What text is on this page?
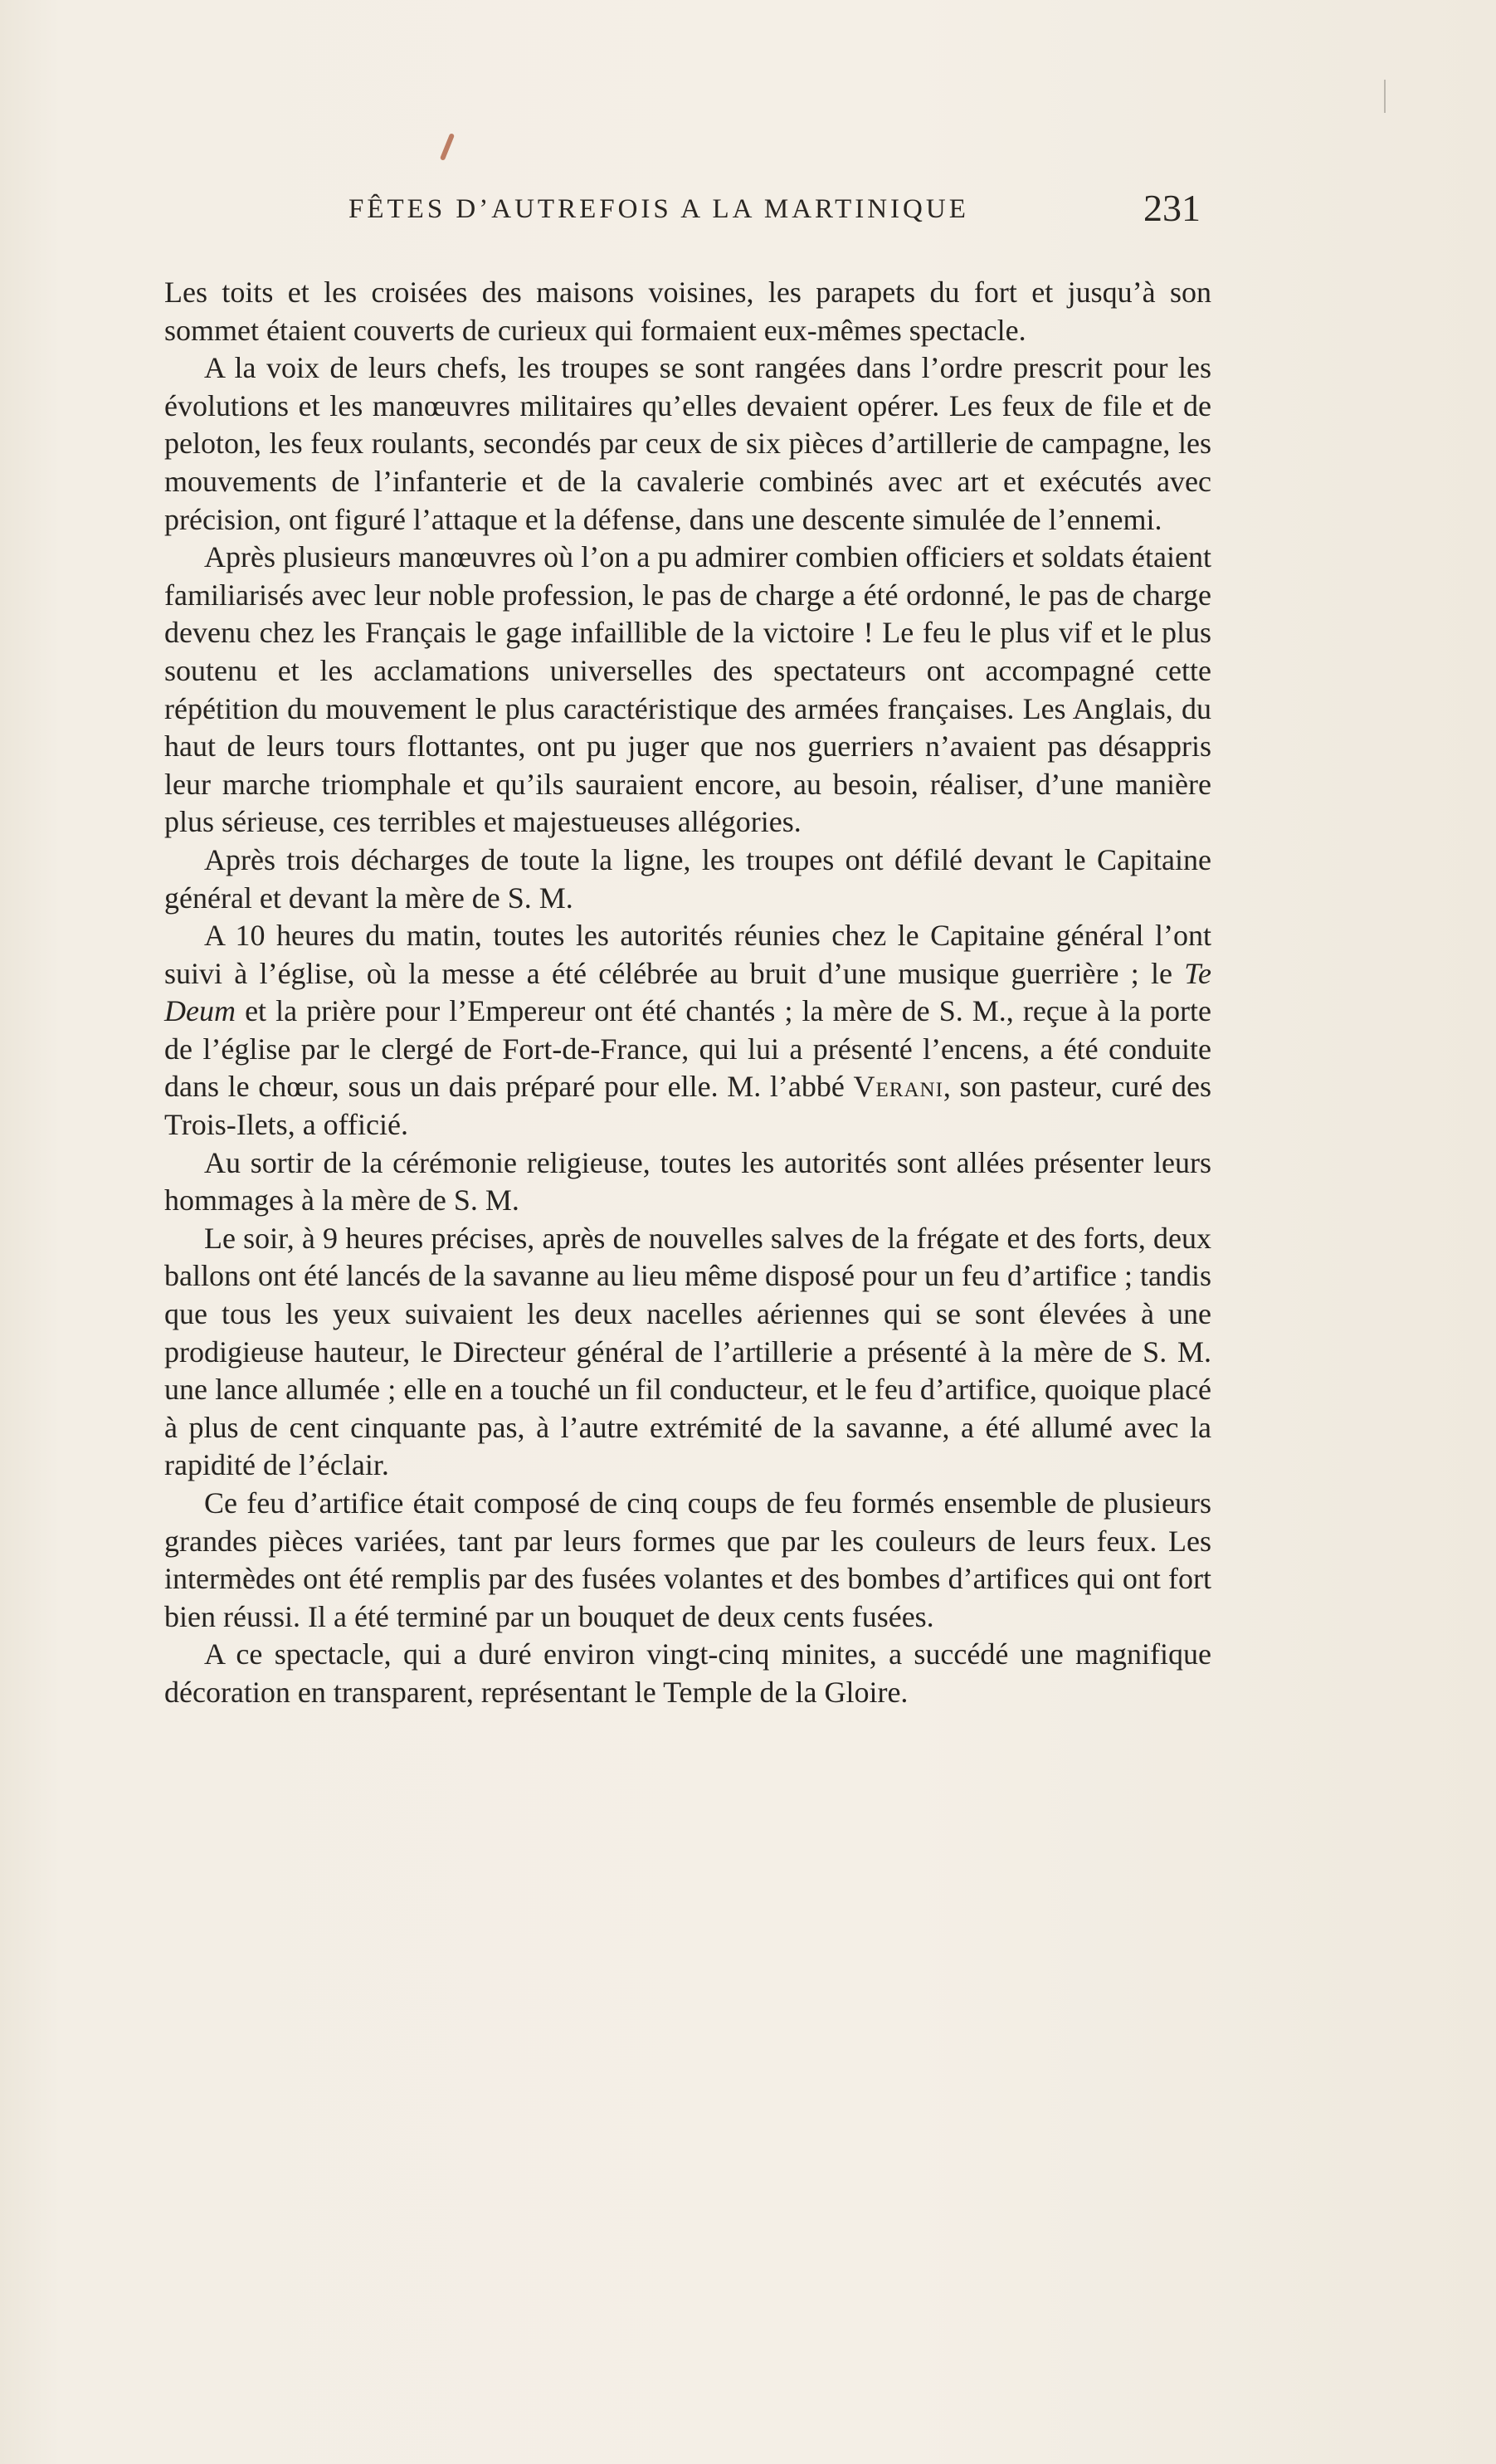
FÊTES D’AUTREFOIS A LA MARTINIQUE	231

Les toits et les croisées des maisons voisines, les parapets du fort et jusqu’à son sommet étaient couverts de curieux qui formaient eux-mêmes spectacle.

A la voix de leurs chefs, les troupes se sont rangées dans l’ordre prescrit pour les évolutions et les manœuvres militaires qu’elles devaient opérer. Les feux de file et de peloton, les feux roulants, secondés par ceux de six pièces d’artillerie de campagne, les mouvements de l’infanterie et de la cavalerie combinés avec art et exécutés avec précision, ont figuré l’attaque et la défense, dans une descente simulée de l’ennemi.

Après plusieurs manœuvres où l’on a pu admirer combien officiers et soldats étaient familiarisés avec leur noble profession, le pas de charge a été ordonné, le pas de charge devenu chez les Français le gage infaillible de la victoire ! Le feu le plus vif et le plus soutenu et les acclamations universelles des spectateurs ont accompagné cette répétition du mouvement le plus caractéristique des armées françaises. Les Anglais, du haut de leurs tours flottantes, ont pu juger que nos guerriers n’avaient pas désappris leur marche triomphale et qu’ils sauraient encore, au besoin, réaliser, d’une manière plus sérieuse, ces terribles et majestueuses allégories.

Après trois décharges de toute la ligne, les troupes ont défilé devant le Capitaine général et devant la mère de S. M.

A 10 heures du matin, toutes les autorités réunies chez le Capitaine général l’ont suivi à l’église, où la messe a été célébrée au bruit d’une musique guerrière ; le Te Deum et la prière pour l’Empereur ont été chantés ; la mère de S. M., reçue à la porte de l’église par le clergé de Fort-de-France, qui lui a présenté l’encens, a été conduite dans le chœur, sous un dais préparé pour elle. M. l’abbé Verani, son pasteur, curé des Trois-Ilets, a officié.

Au sortir de la cérémonie religieuse, toutes les autorités sont allées présenter leurs hommages à la mère de S. M.

Le soir, à 9 heures précises, après de nouvelles salves de la frégate et des forts, deux ballons ont été lancés de la savanne au lieu même disposé pour un feu d’artifice ; tandis que tous les yeux suivaient les deux nacelles aériennes qui se sont élevées à une prodigieuse hauteur, le Directeur général de l’artillerie a présenté à la mère de S. M. une lance allumée ; elle en a touché un fil conducteur, et le feu d’artifice, quoique placé à plus de cent cinquante pas, à l’autre extrémité de la savanne, a été allumé avec la rapidité de l’éclair.

Ce feu d’artifice était composé de cinq coups de feu formés ensemble de plusieurs grandes pièces variées, tant par leurs formes que par les couleurs de leurs feux. Les intermèdes ont été remplis par des fusées volantes et des bombes d’artifices qui ont fort bien réussi. Il a été terminé par un bouquet de deux cents fusées.

A ce spectacle, qui a duré environ vingt-cinq minites, a succédé une magnifique décoration en transparent, représentant le Temple de la Gloire.
